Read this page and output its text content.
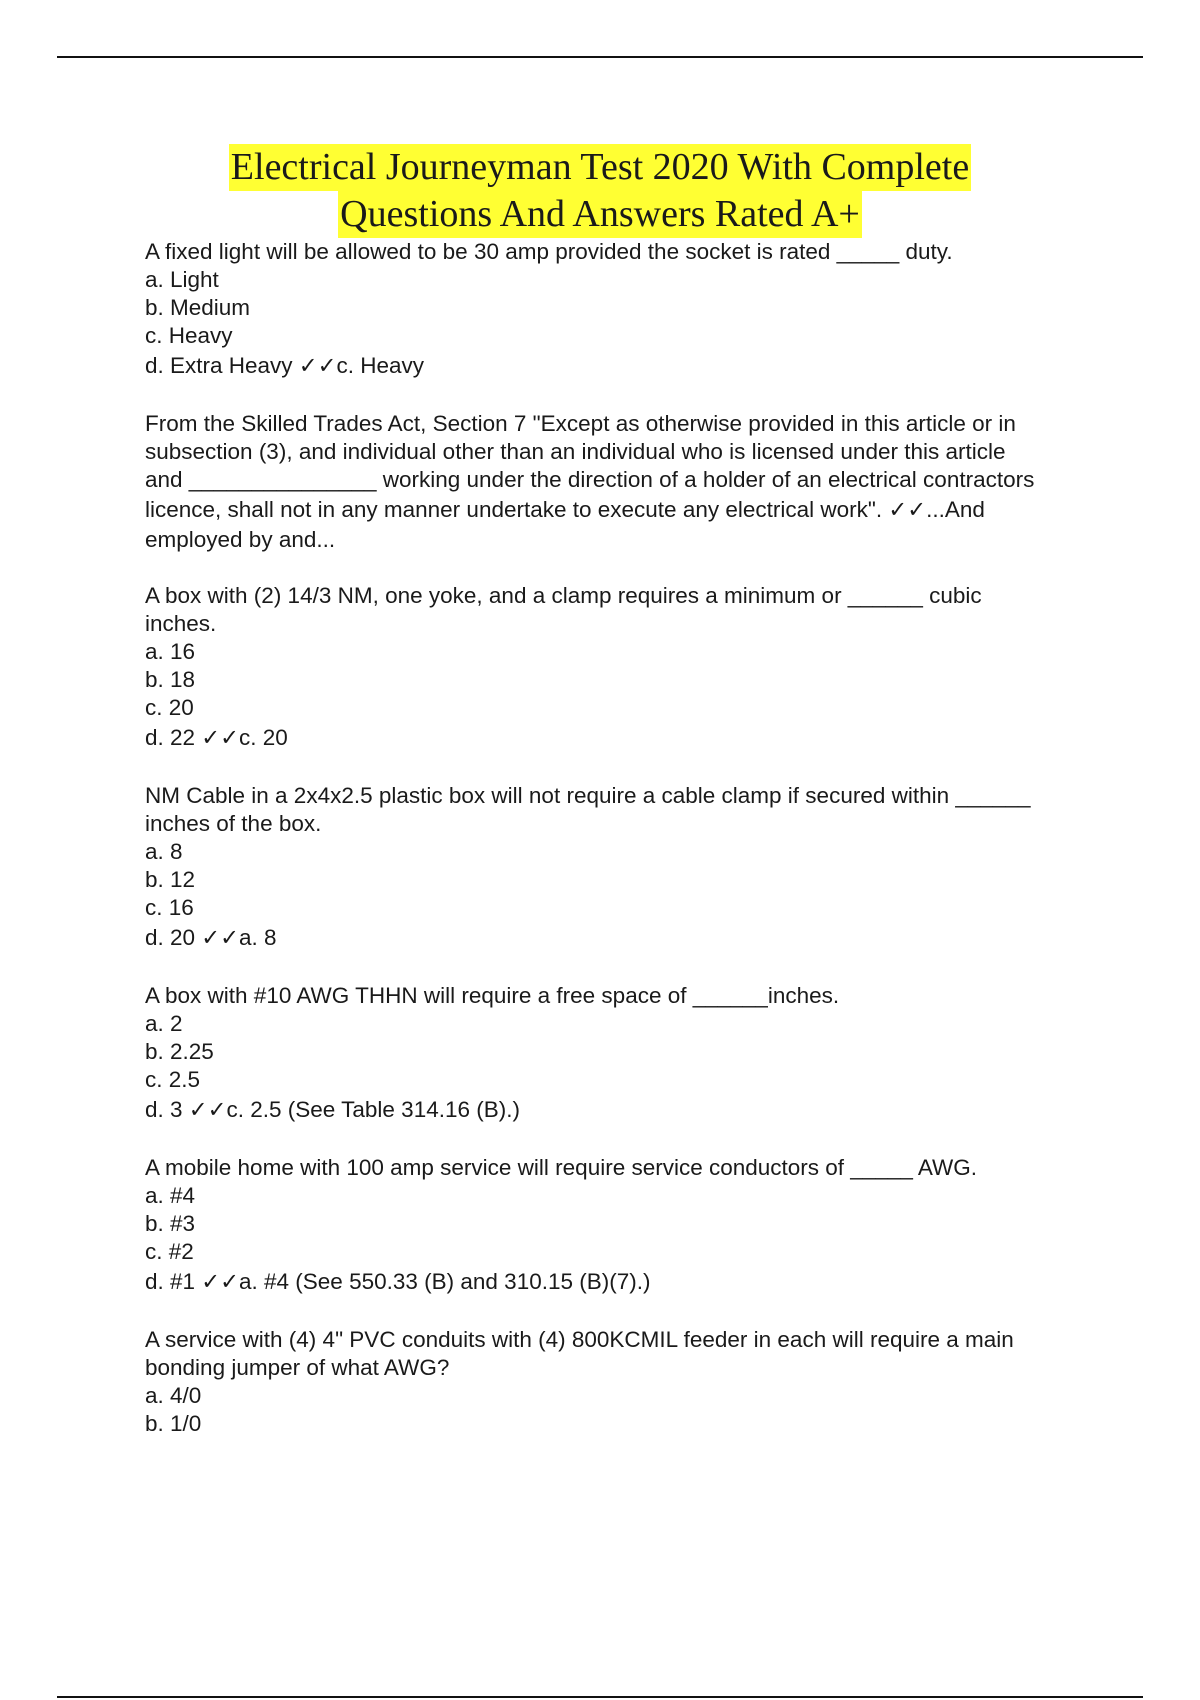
Electrical Journeyman Test 2020 With Complete
Questions And Answers Rated A+
A fixed light will be allowed to be 30 amp provided the socket is rated _____ duty.
a. Light
b. Medium
c. Heavy
d. Extra Heavy ✓✓c. Heavy
From the Skilled Trades Act, Section 7 "Except as otherwise provided in this article or in
subsection (3), and individual other than an individual who is licensed under this article
and _______________ working under the direction of a holder of an electrical contractors
licence, shall not in any manner undertake to execute any electrical work". ✓✓...And
employed by and...
A box with (2) 14/3 NM, one yoke, and a clamp requires a minimum or ______ cubic
inches.
a. 16
b. 18
c. 20
d. 22 ✓✓c. 20
NM Cable in a 2x4x2.5 plastic box will not require a cable clamp if secured within ______
inches of the box.
a. 8
b. 12
c. 16
d. 20 ✓✓a. 8
A box with #10 AWG THHN will require a free space of ______inches.
a. 2
b. 2.25
c. 2.5
d. 3 ✓✓c. 2.5 (See Table 314.16 (B).)
A mobile home with 100 amp service will require service conductors of _____ AWG.
a. #4
b. #3
c. #2
d. #1 ✓✓a. #4 (See 550.33 (B) and 310.15 (B)(7).)
A service with (4) 4" PVC conduits with (4) 800KCMIL feeder in each will require a main
bonding jumper of what AWG?
a. 4/0
b. 1/0
